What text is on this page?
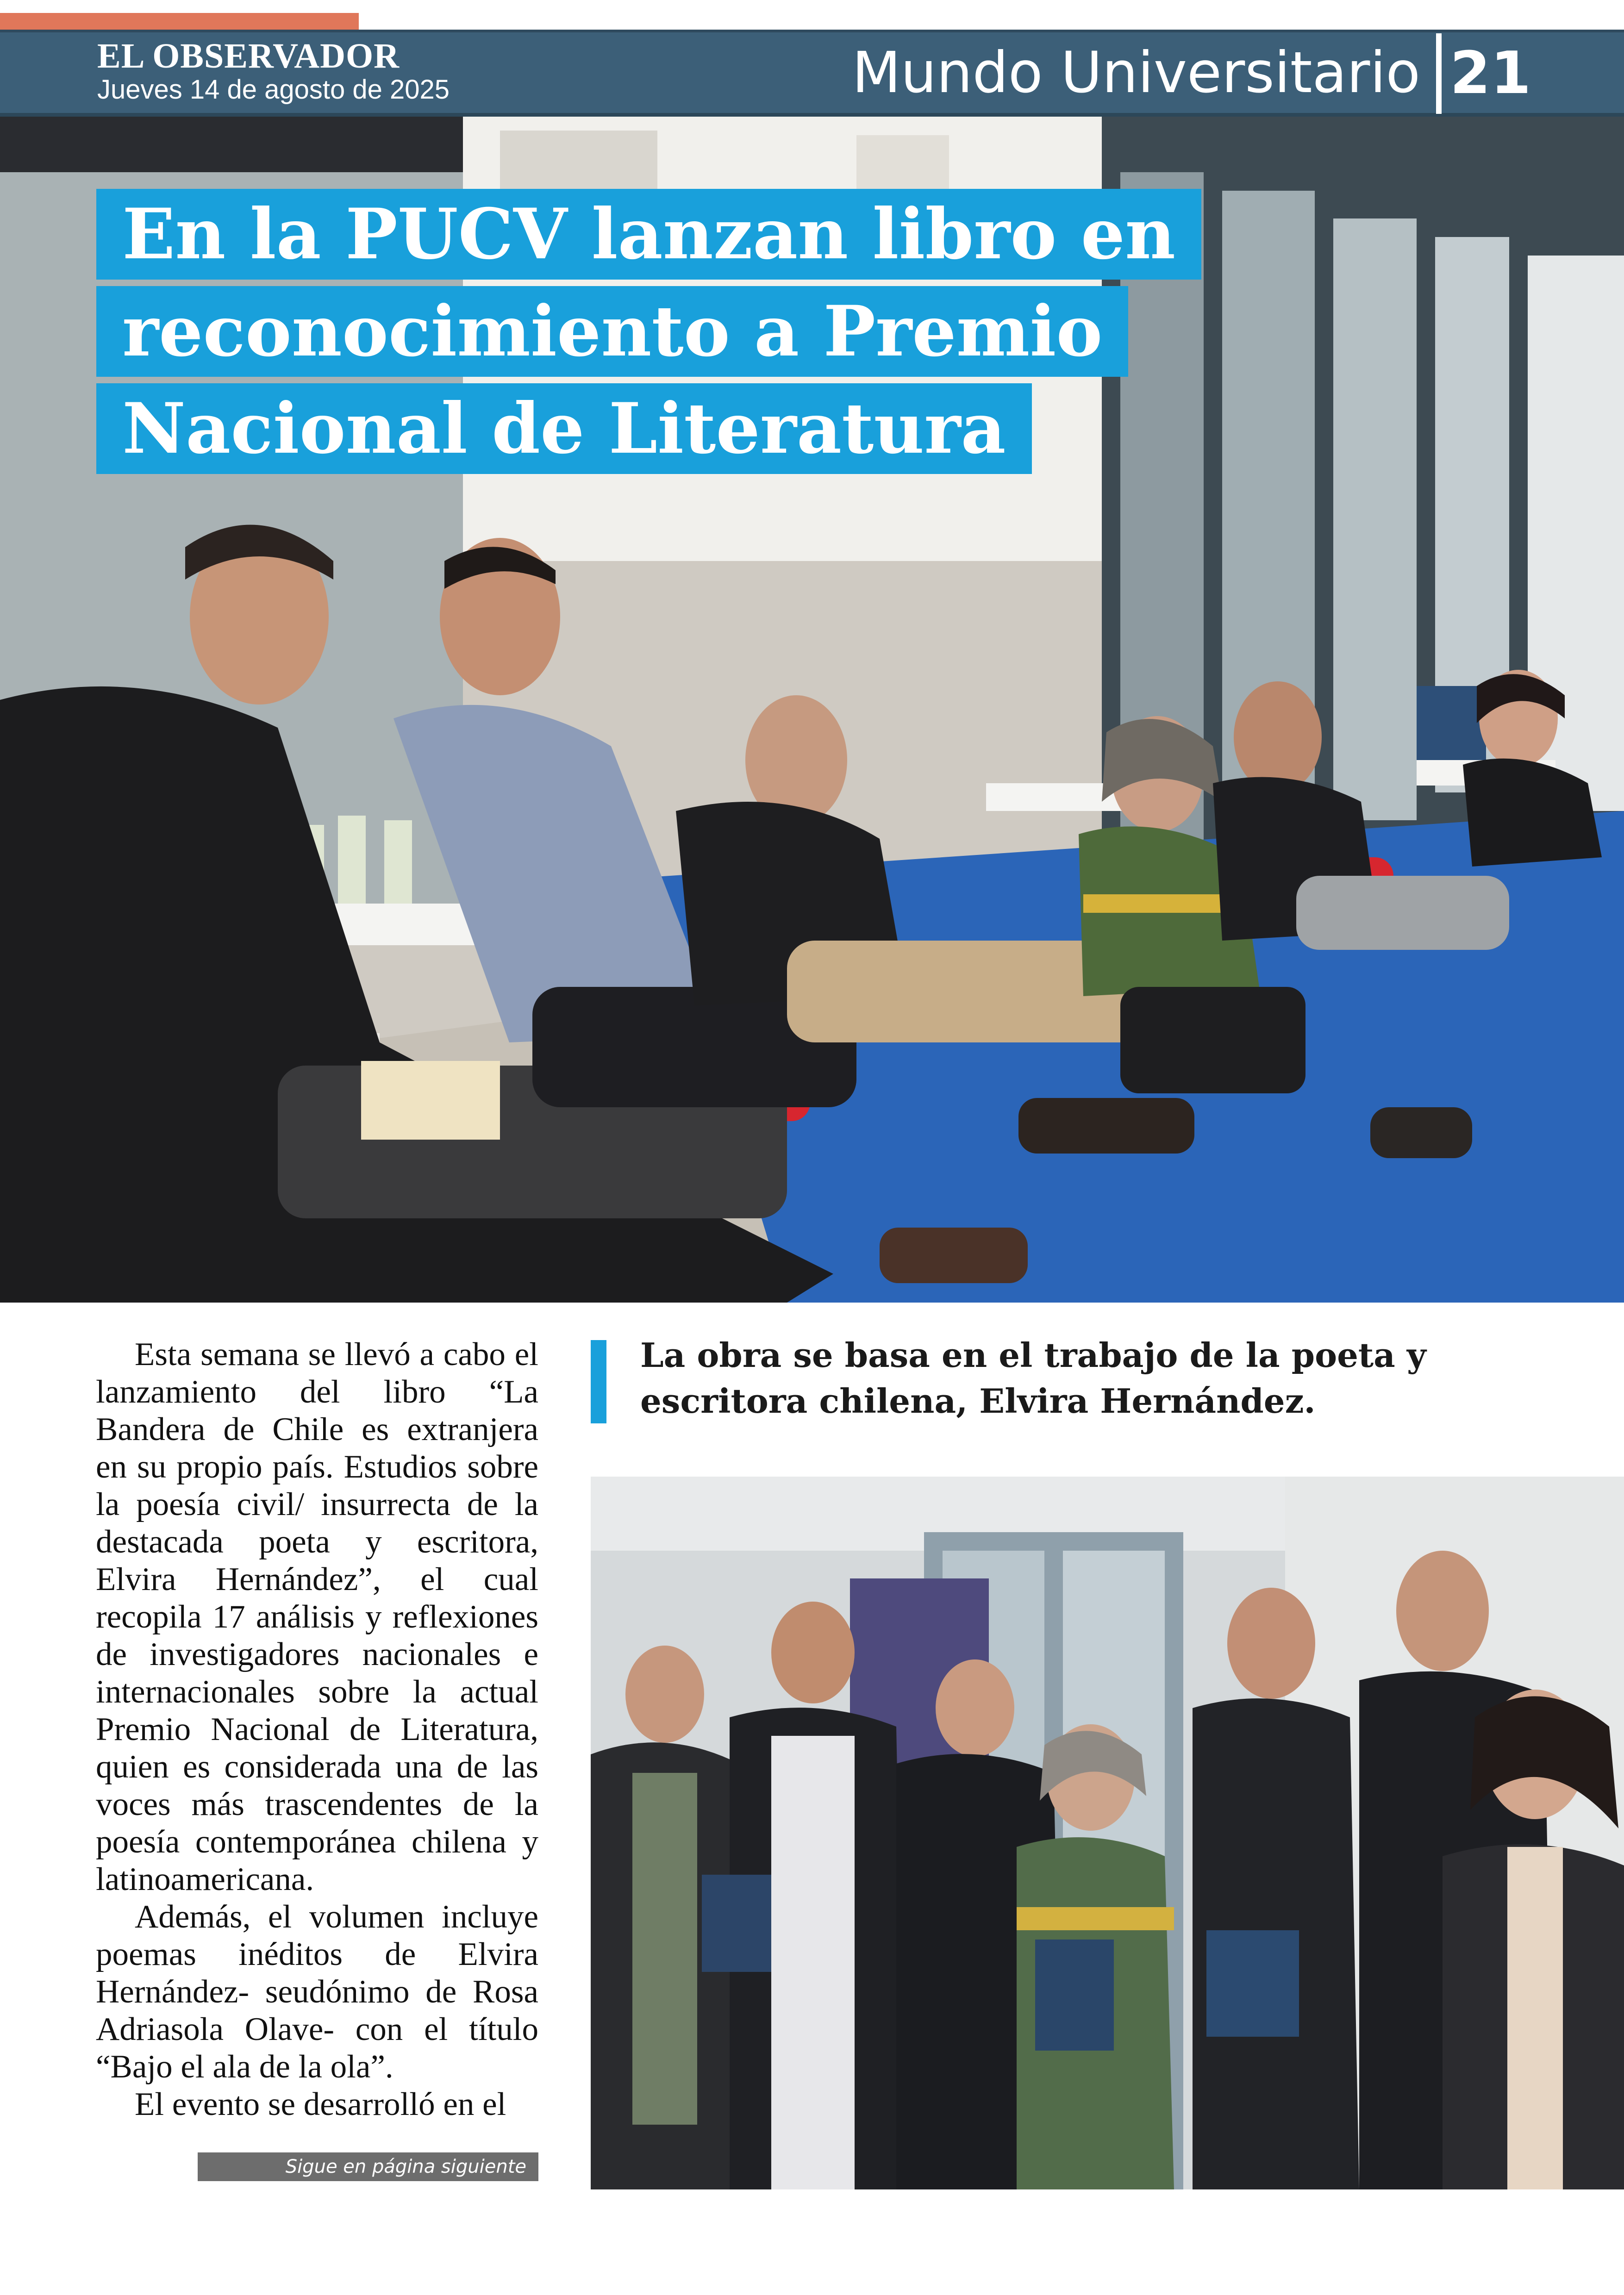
EL OBSERVADOR
Jueves 14 de agosto de 2025	Mundo Universitario 21
En la PUCV lanzan libro en
reconocimiento a Premio
Nacional de Literatura

Esta semana se llevó a cabo el lanzamiento del libro “La Bandera de Chile es extranjera en su propio país. Estudios sobre la poesía civil/ insurrecta de la destacada poeta y escritora, Elvira Hernández”, el cual recopila 17 análisis y reflexiones de investigadores nacionales e internacionales sobre la actual Premio Nacional de Literatura, quien es considerada una de las voces más trascendentes de la poesía contemporánea chilena y latinoamericana.

Además, el volumen incluye poemas inéditos de Elvira Hernández- seudónimo de Rosa Adriasola Olave- con el título “Bajo el ala de la ola”.

El evento se desarrolló en el

Sigue en página siguiente
La obra se basa en el trabajo de la poeta y escritora chilena, Elvira Hernández.
